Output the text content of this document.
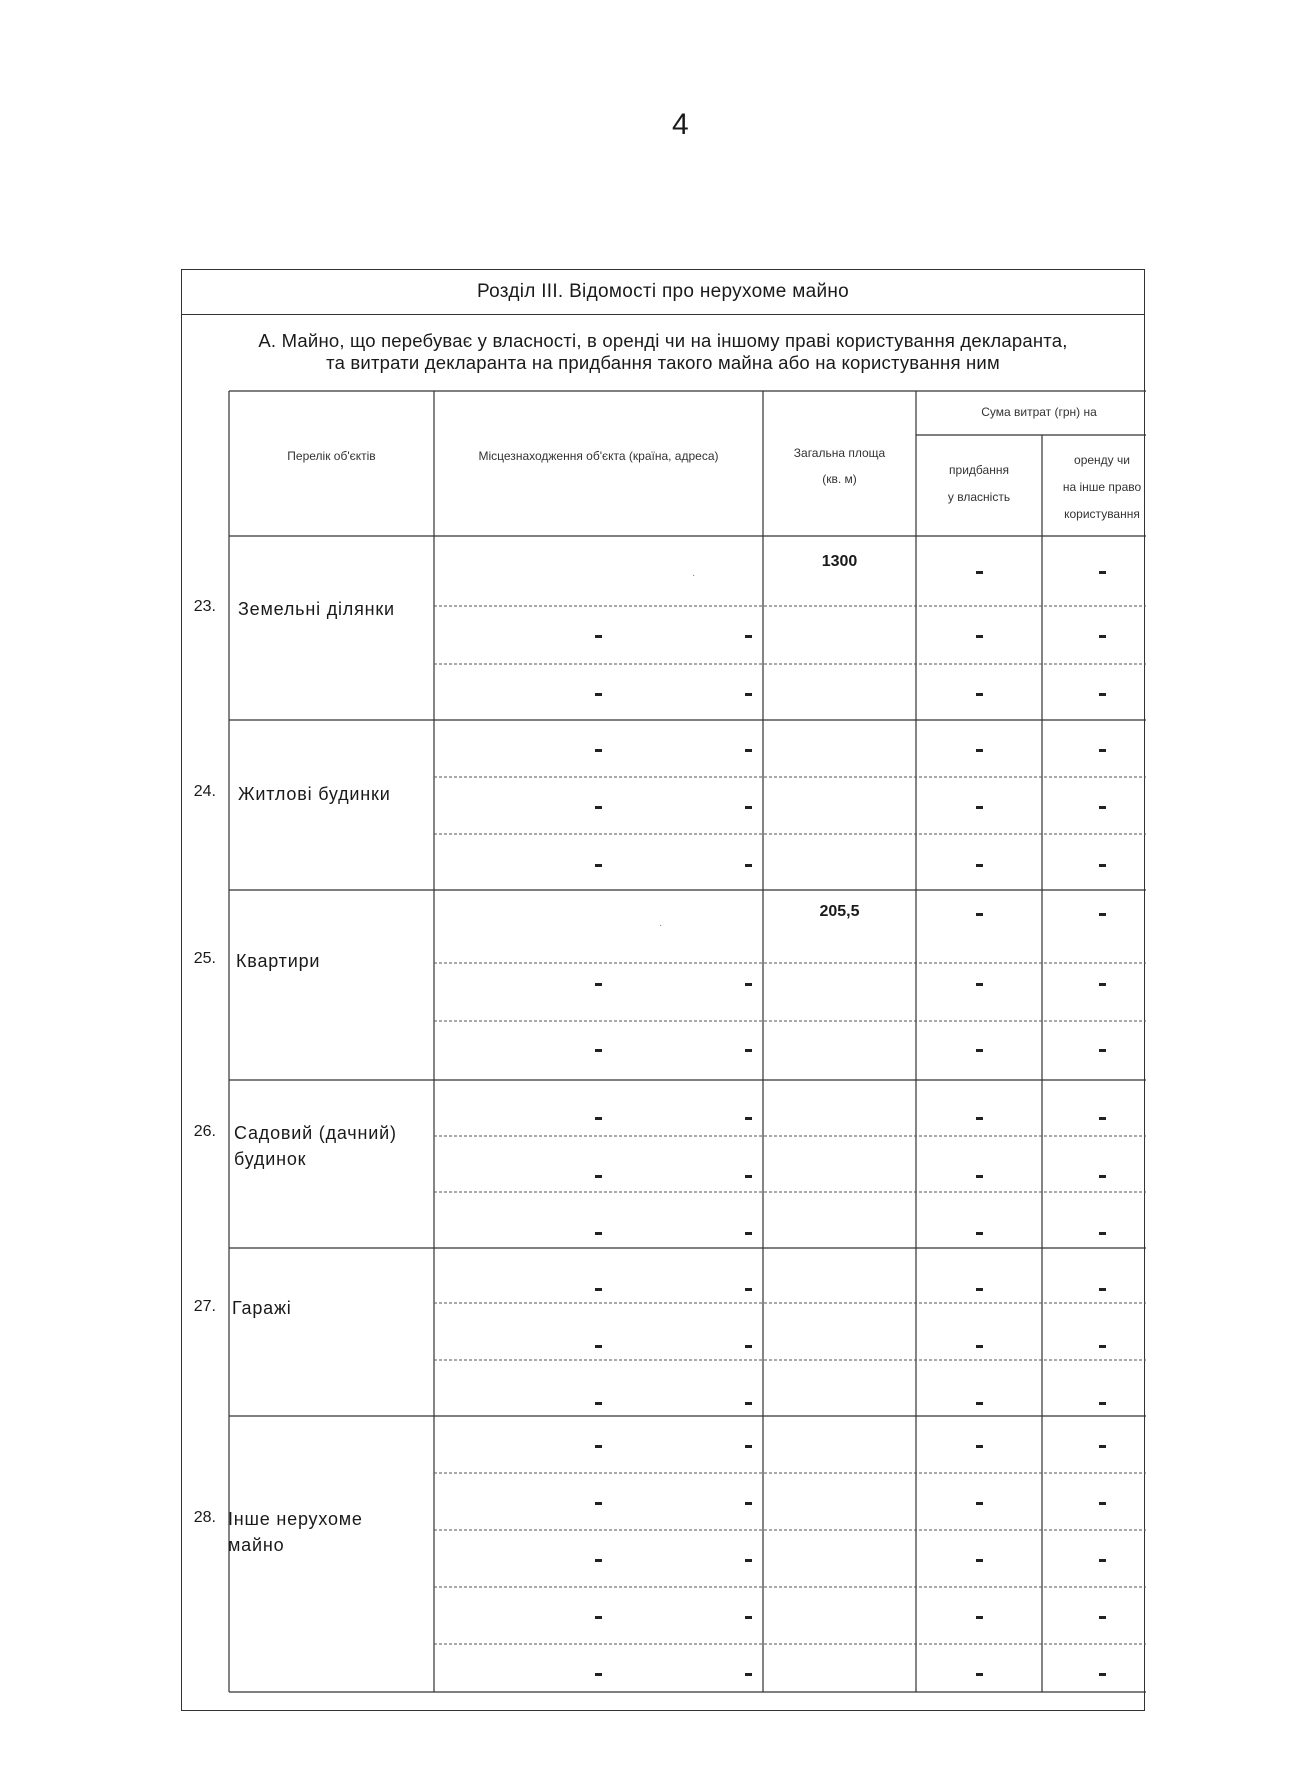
4
Розділ III. Відомості про нерухоме майно
А. Майно, що перебуває у власності, в оренді чи на іншому праві користування декларанта,
та витрати декларанта на придбання такого майна або на користування ним
Перелік об'єктів	Місцезнаходження об'єкта (країна, адреса)	Загальна площа
(кв. м)
Сума витрат (грн) на
придбання
у власність
оренду чи
на інше право
користування
23. Земельні ділянки
1300
24. Житлові будинки
25. Квартири
205,5
26. Садовий (дачний)
будинок
27. Гаражі
28. Інше нерухоме
майно
·
·
